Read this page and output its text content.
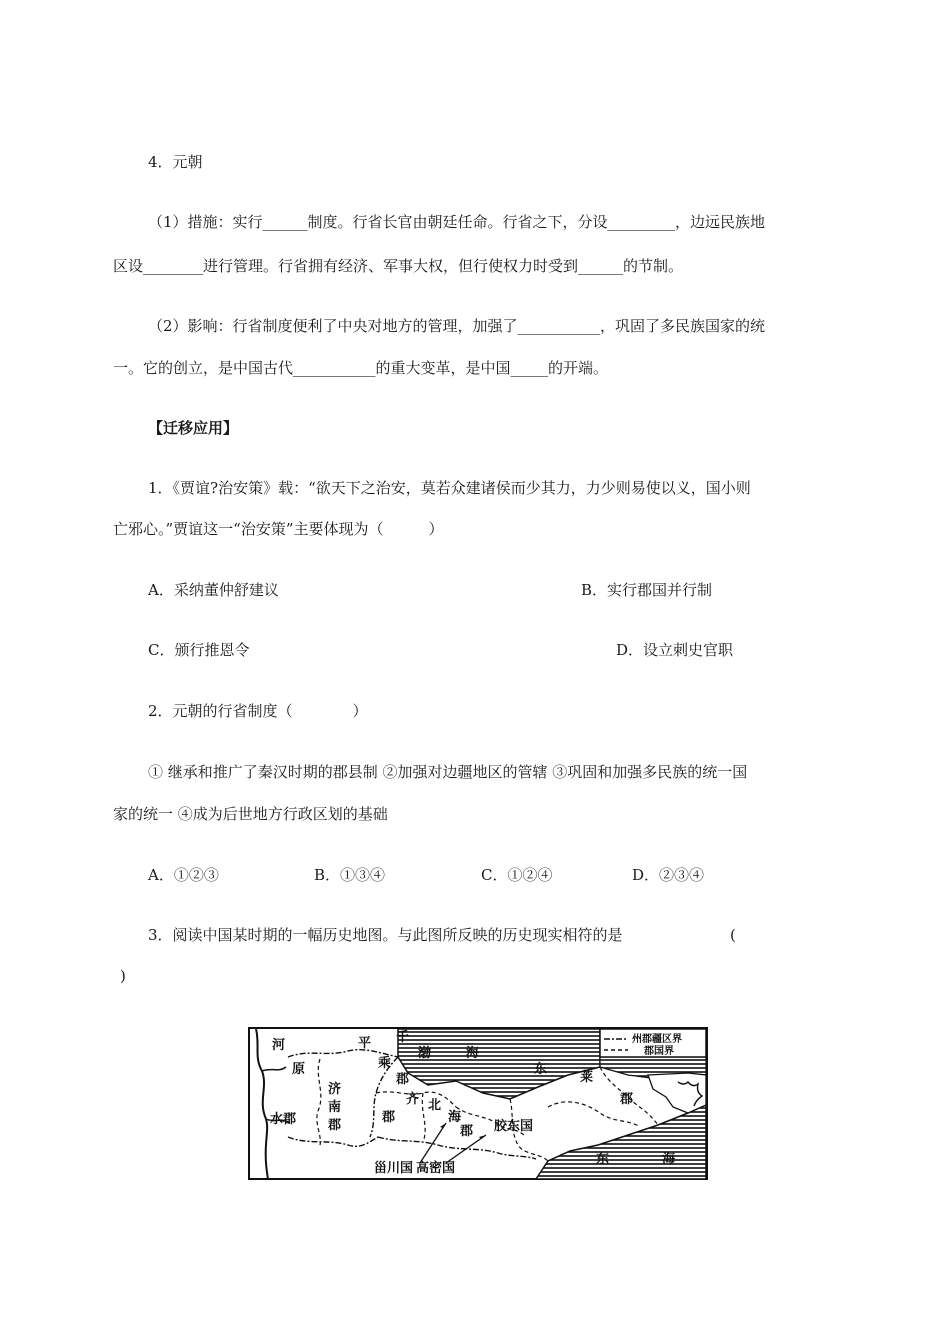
4．元朝
（1）措施：实行______制度。行省长官由朝廷任命。行省之下，分设_________，边远民族地
区设________进行管理。行省拥有经济、军事大权，但行使权力时受到______的节制。
（2）影响：行省制度便利了中央对地方的管理，加强了___________，巩固了多民族国家的统
一。它的创立，是中国古代___________的重大变革，是中国_____的开端。
【迁移应用】
1．《贾谊?治安策》载：“欲天下之治安，莫若众建诸侯而少其力，力少则易使以义，国小则
亡邪心。”贾谊这一“治安策”主要体现为（　　　）
A．采纳董仲舒建议	B．实行郡国并行制
C．颁行推恩令	D．设立刺史官职
2．元朝的行省制度（　　　　）
① 继承和推广了秦汉时期的郡县制 ②加强对边疆地区的管辖 ③巩固和加强多民族的统一国
家的统一 ④成为后世地方行政区划的基础
A．①②③	B．①③④	C．①②④	D．②③④
3．阅读中国某时期的一幅历史地图。与此图所反映的历史现实相符的是	(
)
州郡疆区界
郡国界
河
原
平 千
乘
郡
水郡
济
南
郡
齐
郡
北
海
郡
渤	海
东
莱
郡
胶东国
甾川国 高密国
东	海
